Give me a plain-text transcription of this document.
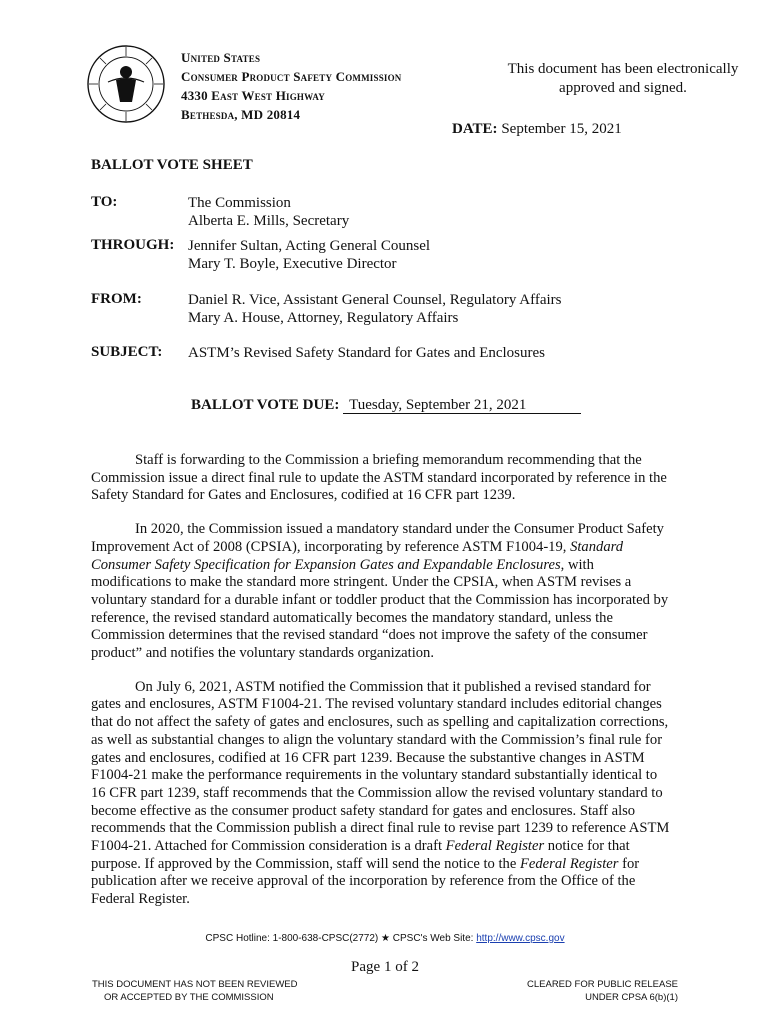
United States
Consumer Product Safety Commission
4330 East West Highway
Bethesda, MD 20814
This document has been electronically approved and signed.
DATE: September 15, 2021
BALLOT VOTE SHEET
TO:	The Commission
Alberta E. Mills, Secretary
THROUGH: Jennifer Sultan, Acting General Counsel
Mary T. Boyle, Executive Director
FROM:	Daniel R. Vice, Assistant General Counsel, Regulatory Affairs
Mary A. House, Attorney, Regulatory Affairs
SUBJECT: ASTM’s Revised Safety Standard for Gates and Enclosures
BALLOT VOTE DUE: Tuesday, September 21, 2021

Staff is forwarding to the Commission a briefing memorandum recommending that the Commission issue a direct final rule to update the ASTM standard incorporated by reference in the Safety Standard for Gates and Enclosures, codified at 16 CFR part 1239.

In 2020, the Commission issued a mandatory standard under the Consumer Product Safety Improvement Act of 2008 (CPSIA), incorporating by reference ASTM F1004-19, Standard Consumer Safety Specification for Expansion Gates and Expandable Enclosures, with modifications to make the standard more stringent. Under the CPSIA, when ASTM revises a voluntary standard for a durable infant or toddler product that the Commission has incorporated by reference, the revised standard automatically becomes the mandatory standard, unless the Commission determines that the revised standard “does not improve the safety of the consumer product” and notifies the voluntary standards organization.

On July 6, 2021, ASTM notified the Commission that it published a revised standard for gates and enclosures, ASTM F1004-21. The revised voluntary standard includes editorial changes that do not affect the safety of gates and enclosures, such as spelling and capitalization corrections, as well as substantial changes to align the voluntary standard with the Commission’s final rule for gates and enclosures, codified at 16 CFR part 1239. Because the substantive changes in ASTM F1004-21 make the performance requirements in the voluntary standard substantially identical to 16 CFR part 1239, staff recommends that the Commission allow the revised voluntary standard to become effective as the consumer product safety standard for gates and enclosures. Staff also recommends that the Commission publish a direct final rule to revise part 1239 to reference ASTM F1004-21. Attached for Commission consideration is a draft Federal Register notice for that purpose. If approved by the Commission, staff will send the notice to the Federal Register for publication after we receive approval of the incorporation by reference from the Office of the Federal Register.

CPSC Hotline: 1-800-638-CPSC(2772) ★ CPSC's Web Site: http://www.cpsc.gov
Page 1 of 2
THIS DOCUMENT HAS NOT BEEN REVIEWED
OR ACCEPTED BY THE COMMISSION
CLEARED FOR PUBLIC RELEASE
UNDER CPSA 6(b)(1)
